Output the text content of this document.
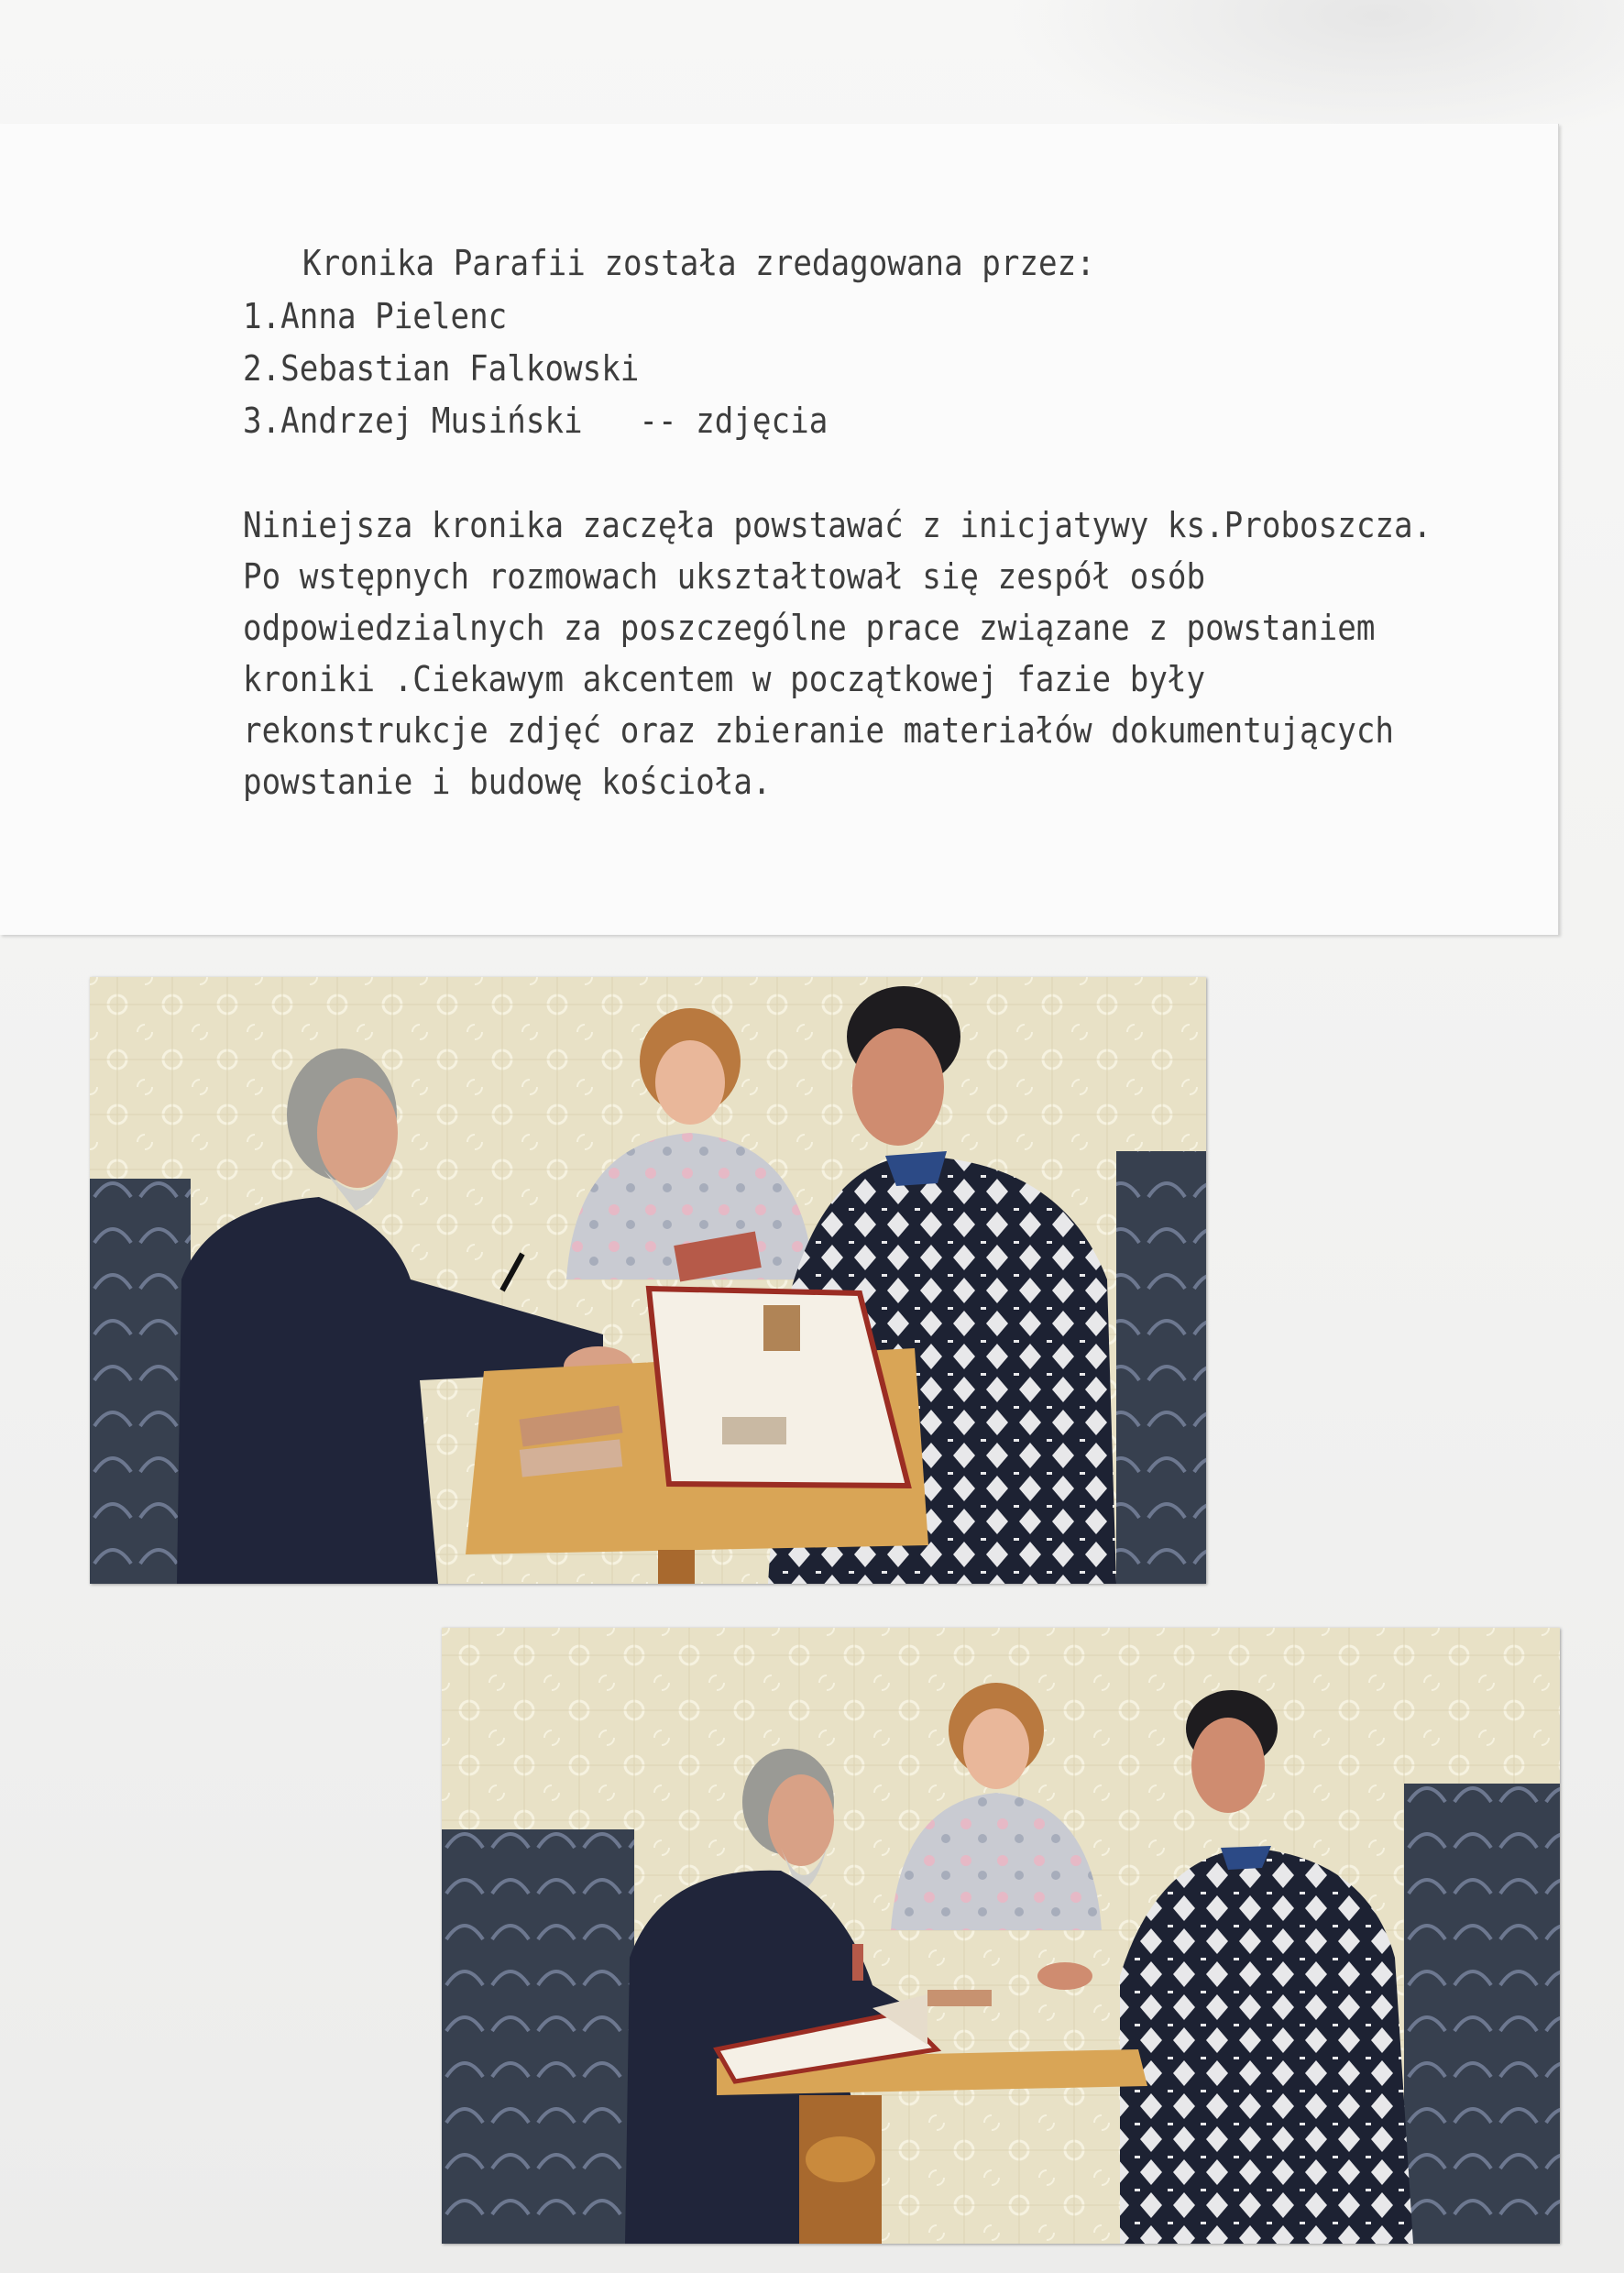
Kronika Parafii została zredagowana przez:

1.Anna Pielenc

2.Sebastian Falkowski

3.Andrzej Musiński   -- zdjęcia

Niniejsza kronika zaczęła powstawać z inicjatywy ks.Proboszcza.
Po wstępnych rozmowach ukształtował się zespół osób
odpowiedzialnych za poszczególne prace związane z powstaniem
kroniki .Ciekawym akcentem w początkowej fazie były
rekonstrukcje zdjęć oraz zbieranie materiałów dokumentujących
powstanie i budowę kościoła.
